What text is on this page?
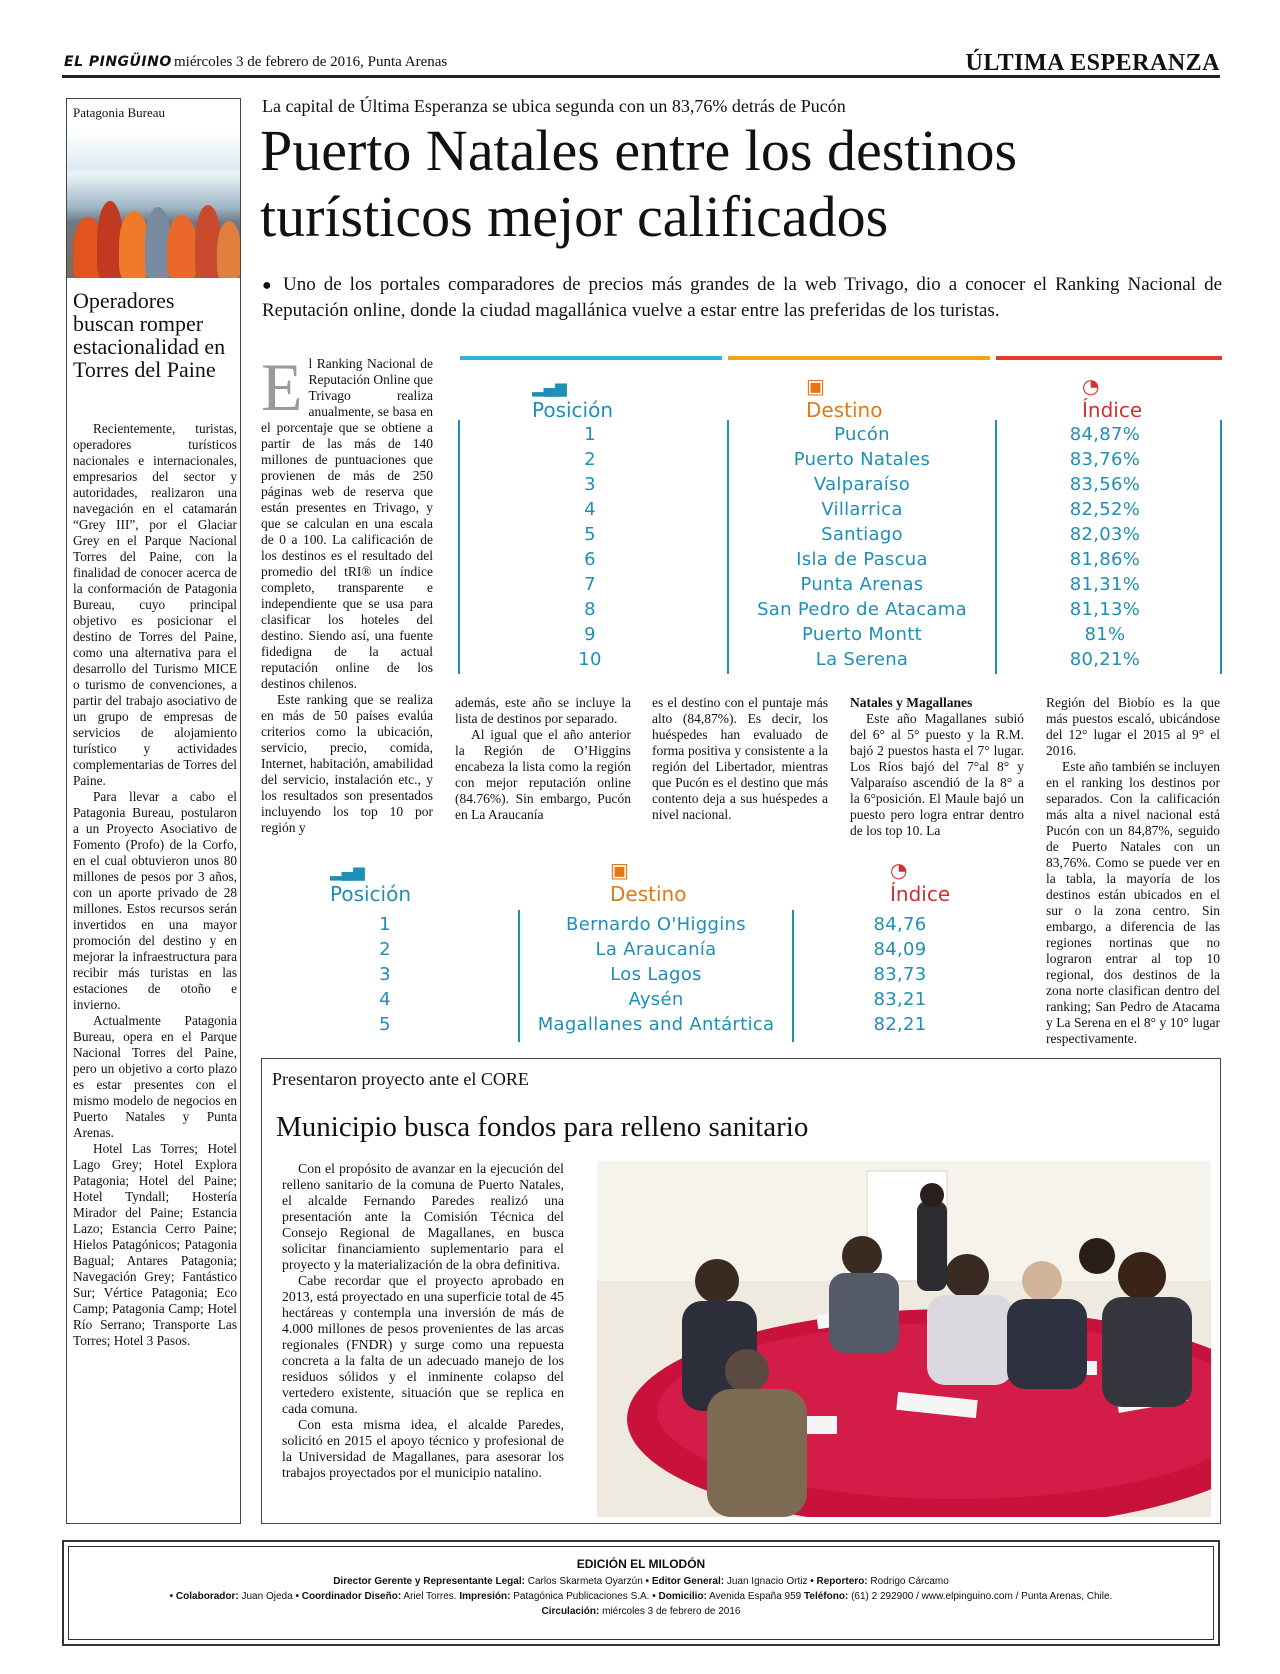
EL PINGÜINO miércoles 3 de febrero de 2016, Punta Arenas	ÚLTIMA ESPERANZA
Patagonia Bureau
Operadores buscan romper estacionalidad en Torres del Paine

Recientemente, turistas, operadores turísticos nacionales e internacionales, empresarios del sector y autoridades, realizaron una navegación en el catamarán “Grey III”, por el Glaciar Grey en el Parque Nacional Torres del Paine, con la finalidad de conocer acerca de la conformación de Patagonia Bureau, cuyo principal objetivo es posicionar el destino de Torres del Paine, como una alternativa para el desarrollo del Turismo MICE o turismo de convenciones, a partir del trabajo asociativo de un grupo de empresas de servicios de alojamiento turístico y actividades complementarias de Torres del Paine.

Para llevar a cabo el Patagonia Bureau, postularon a un Proyecto Asociativo de Fomento (Profo) de la Corfo, en el cual obtuvieron unos 80 millones de pesos por 3 años, con un aporte privado de 28 millones. Estos recursos serán invertidos en una mayor promoción del destino y en mejorar la infraestructura para recibir más turistas en las estaciones de otoño e invierno.

Actualmente Patagonia Bureau, opera en el Parque Nacional Torres del Paine, pero un objetivo a corto plazo es estar presentes con el mismo modelo de negocios en Puerto Natales y Punta Arenas.

Hotel Las Torres; Hotel Lago Grey; Hotel Explora Patagonia; Hotel del Paine; Hotel Tyndall; Hostería Mirador del Paine; Estancia Lazo; Estancia Cerro Paine; Hielos Patagónicos; Patagonia Bagual; Antares Patagonia; Navegación Grey; Fantástico Sur; Vértice Patagonia; Eco Camp; Patagonia Camp; Hotel Río Serrano; Transporte Las Torres; Hotel 3 Pasos.

La capital de Última Esperanza se ubica segunda con un 83,76% detrás de Pucón
Puerto Natales entre los destinos turísticos mejor calificados
● Uno de los portales comparadores de precios más grandes de la web Trivago, dio a conocer el Ranking Nacional de Reputación online, donde la ciudad magallánica vuelve a estar entre las preferidas de los turistas.
E l Ranking Nacional de Reputación Online que Trivago realiza anualmente, se basa en el porcentaje que se obtiene a partir de las más de 140 millones de puntuaciones que provienen de más de 250 páginas web de reserva que están presentes en Trivago, y que se calculan en una escala de 0 a 100. La calificación de los destinos es el resultado del promedio del tRI® un índice completo, transparente e independiente que se usa para clasificar los hoteles del destino. Siendo así, una fuente fidedigna de la actual reputación online de los destinos chilenos.

Este ranking que se realiza en más de 50 países evalúa criterios como la ubicación, servicio, precio, comida, Internet, habitación, amabilidad del servicio, instalación etc., y los resultados son presentados incluyendo los top 10 por región y

además, este año se incluye la lista de destinos por separado.

Al igual que el año anterior la Región de O’Higgins encabeza la lista como la región con mejor reputación online (84.76%). Sin embargo, Pucón en La Araucanía

es el destino con el puntaje más alto (84,87%). Es decir, los huéspedes han evaluado de forma positiva y consistente a la región del Libertador, mientras que Pucón es el destino que más contento deja a sus huéspedes a nivel nacional.

Natales y Magallanes

Este año Magallanes subió del 6° al 5° puesto y la R.M. bajó 2 puestos hasta el 7° lugar. Los Ríos bajó del 7°al 8° y Valparaíso ascendió de la 8° a la 6°posición. El Maule bajó un puesto pero logra entrar dentro de los top 10. La

Región del Biobío es la que más puestos escaló, ubicándose del 12° lugar el 2015 al 9° el 2016.

Este año también se incluyen en el ranking los destinos por separados. Con la calificación más alta a nivel nacional está Pucón con un 84,87%, seguido de Puerto Natales con un 83,76%. Como se puede ver en la tabla, la mayoría de los destinos están ubicados en el sur o la zona centro. Sin embargo, a diferencia de las regiones nortinas que no lograron entrar al top 10 regional, dos destinos de la zona norte clasifican dentro del ranking; San Pedro de Atacama y La Serena en el 8° y 10° lugar respectivamente.

▂▄▆ Posición
▣ Destino
◔ Índice
1	Pucón	84,87%
2	Puerto Natales	83,76%
3	Valparaíso	83,56%
4	Villarrica	82,52%
5	Santiago	82,03%
6	Isla de Pascua	81,86%
7	Punta Arenas	81,31%
8	San Pedro de Atacama	81,13%
9	Puerto Montt	81%
10	La Serena	80,21%
▂▄▆ Posición
▣ Destino
◔ Índice
1	Bernardo O'Higgins	84,76
2	La Araucanía	84,09
3	Los Lagos	83,73
4	Aysén	83,21
5	Magallanes and Antártica	82,21
Presentaron proyecto ante el CORE
Municipio busca fondos para relleno sanitario

Con el propósito de avanzar en la ejecución del relleno sanitario de la comuna de Puerto Natales, el alcalde Fernando Paredes realizó una presentación ante la Comisión Técnica del Consejo Regional de Magallanes, en busca solicitar financiamiento suplementario para el proyecto y la materialización de la obra definitiva.

Cabe recordar que el proyecto aprobado en 2013, está proyectado en una superficie total de 45 hectáreas y contempla una inversión de más de 4.000 millones de pesos provenientes de las arcas regionales (FNDR) y surge como una repuesta concreta a la falta de un adecuado manejo de los residuos sólidos y el inminente colapso del vertedero existente, situación que se replica en cada comuna.

Con esta misma idea, el alcalde Paredes, solicitó en 2015 el apoyo técnico y profesional de la Universidad de Magallanes, para asesorar los trabajos proyectados por el municipio natalino.

EDICIÓN EL MILODÓN
Director Gerente y Representante Legal: Carlos Skarmeta Oyarzún • Editor General: Juan Ignacio Ortiz • Reportero: Rodrigo Cárcamo
• Colaborador: Juan Ojeda • Coordinador Diseño: Ariel Torres. Impresión: Patagónica Publicaciones S.A. • Domicilio: Avenida España 959 Teléfono: (61) 2 292900 / www.elpinguino.com / Punta Arenas, Chile.
Circulación: miércoles 3 de febrero de 2016
